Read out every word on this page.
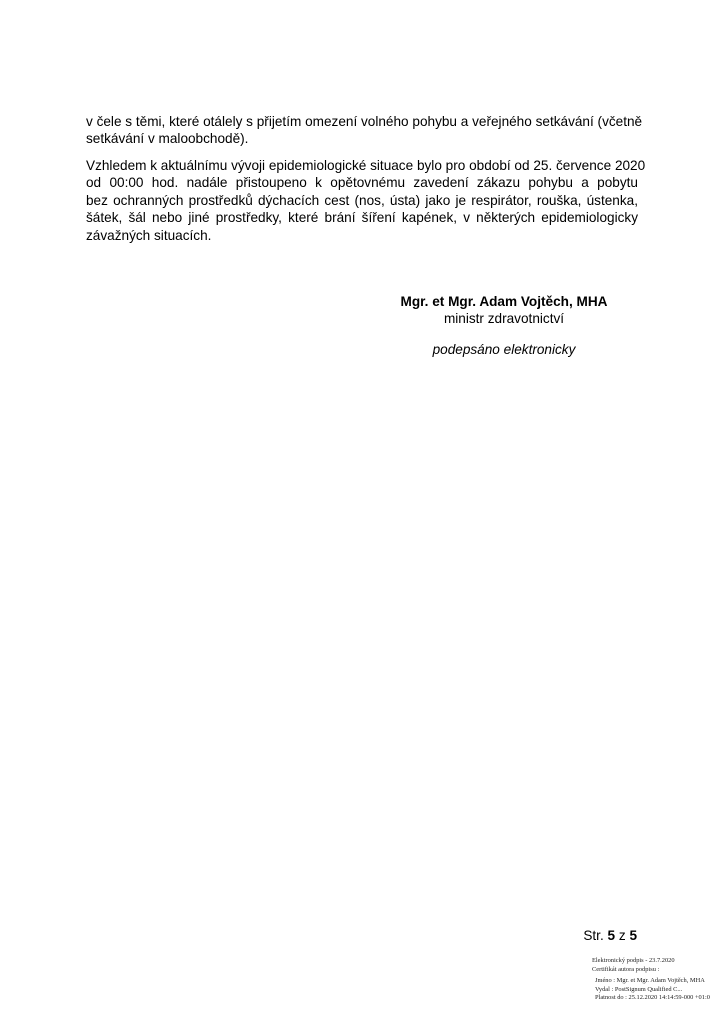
v čele s těmi, které otálely s přijetím omezení volného pohybu a veřejného setkávání (včetně
setkávání v maloobchodě).
Vzhledem k aktuálnímu vývoji epidemiologické situace bylo pro období od 25. července 2020
od 00:00 hod. nadále přistoupeno k opětovnému zavedení zákazu pohybu a pobytu
bez ochranných prostředků dýchacích cest (nos, ústa) jako je respirátor, rouška, ústenka,
šátek, šál nebo jiné prostředky, které brání šíření kapének, v některých epidemiologicky
závažných situacích.
Mgr. et Mgr. Adam Vojtěch, MHA
ministr zdravotnictví
podepsáno elektronicky
Str. 5 z 5
Elektronický podpis - 23.7.2020
Certifikát autora podpisu :
Jméno : Mgr. et Mgr. Adam Vojtěch, MHA
Vydal : PostSignum Qualified C...
Platnost do : 25.12.2020 14:14:59-000 +01:0
